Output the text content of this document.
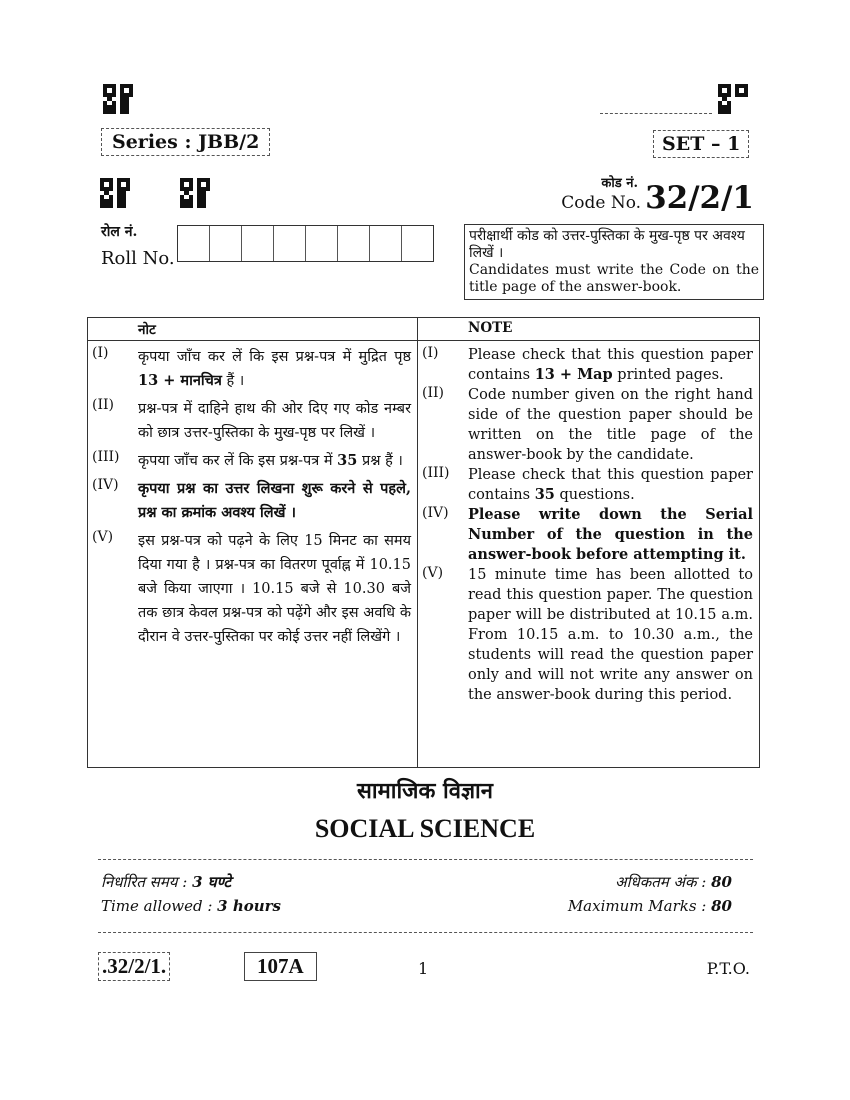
Series : JBB/2	SET – 1
कोड नं.
Code No. 32/2/1
रोल नं.
Roll No.
परीक्षार्थी कोड को उत्तर-पुस्तिका के मुख-पृष्ठ पर अवश्य लिखें ।
Candidates must write the Code on the title page of the answer-book.
नोट
(I)	कृपया जाँच कर लें कि इस प्रश्न-पत्र में मुद्रित पृष्ठ 13 + मानचित्र हैं ।
(II)	प्रश्न-पत्र में दाहिने हाथ की ओर दिए गए कोड नम्बर को छात्र उत्तर-पुस्तिका के मुख-पृष्ठ पर लिखें ।
(III)	कृपया जाँच कर लें कि इस प्रश्न-पत्र में 35 प्रश्न हैं ।
(IV)	कृपया प्रश्न का उत्तर लिखना शुरू करने से पहले, प्रश्न का क्रमांक अवश्य लिखें ।
(V)	इस प्रश्न-पत्र को पढ़ने के लिए 15 मिनट का समय दिया गया है । प्रश्न-पत्र का वितरण पूर्वाह्न में 10.15 बजे किया जाएगा । 10.15 बजे से 10.30 बजे तक छात्र केवल प्रश्न-पत्र को पढ़ेंगे और इस अवधि के दौरान वे उत्तर-पुस्तिका पर कोई उत्तर नहीं लिखेंगे ।

NOTE
(I)	Please check that this question paper contains 13 + Map printed pages.
(II)	Code number given on the right hand side of the question paper should be written on the title page of the answer-book by the candidate.
(III)	Please check that this question paper contains 35 questions.
(IV)	Please write down the Serial Number of the question in the answer-book before attempting it.
(V)	15 minute time has been allotted to read this question paper. The question paper will be distributed at 10.15 a.m. From 10.15 a.m. to 10.30 a.m., the students will read the question paper only and will not write any answer on the answer-book during this period.
सामाजिक विज्ञान
SOCIAL SCIENCE
निर्धारित समय : 3 घण्टे	अधिकतम अंक : 80
Time allowed : 3 hours	Maximum Marks : 80
.32/2/1.	107A	1	P.T.O.
